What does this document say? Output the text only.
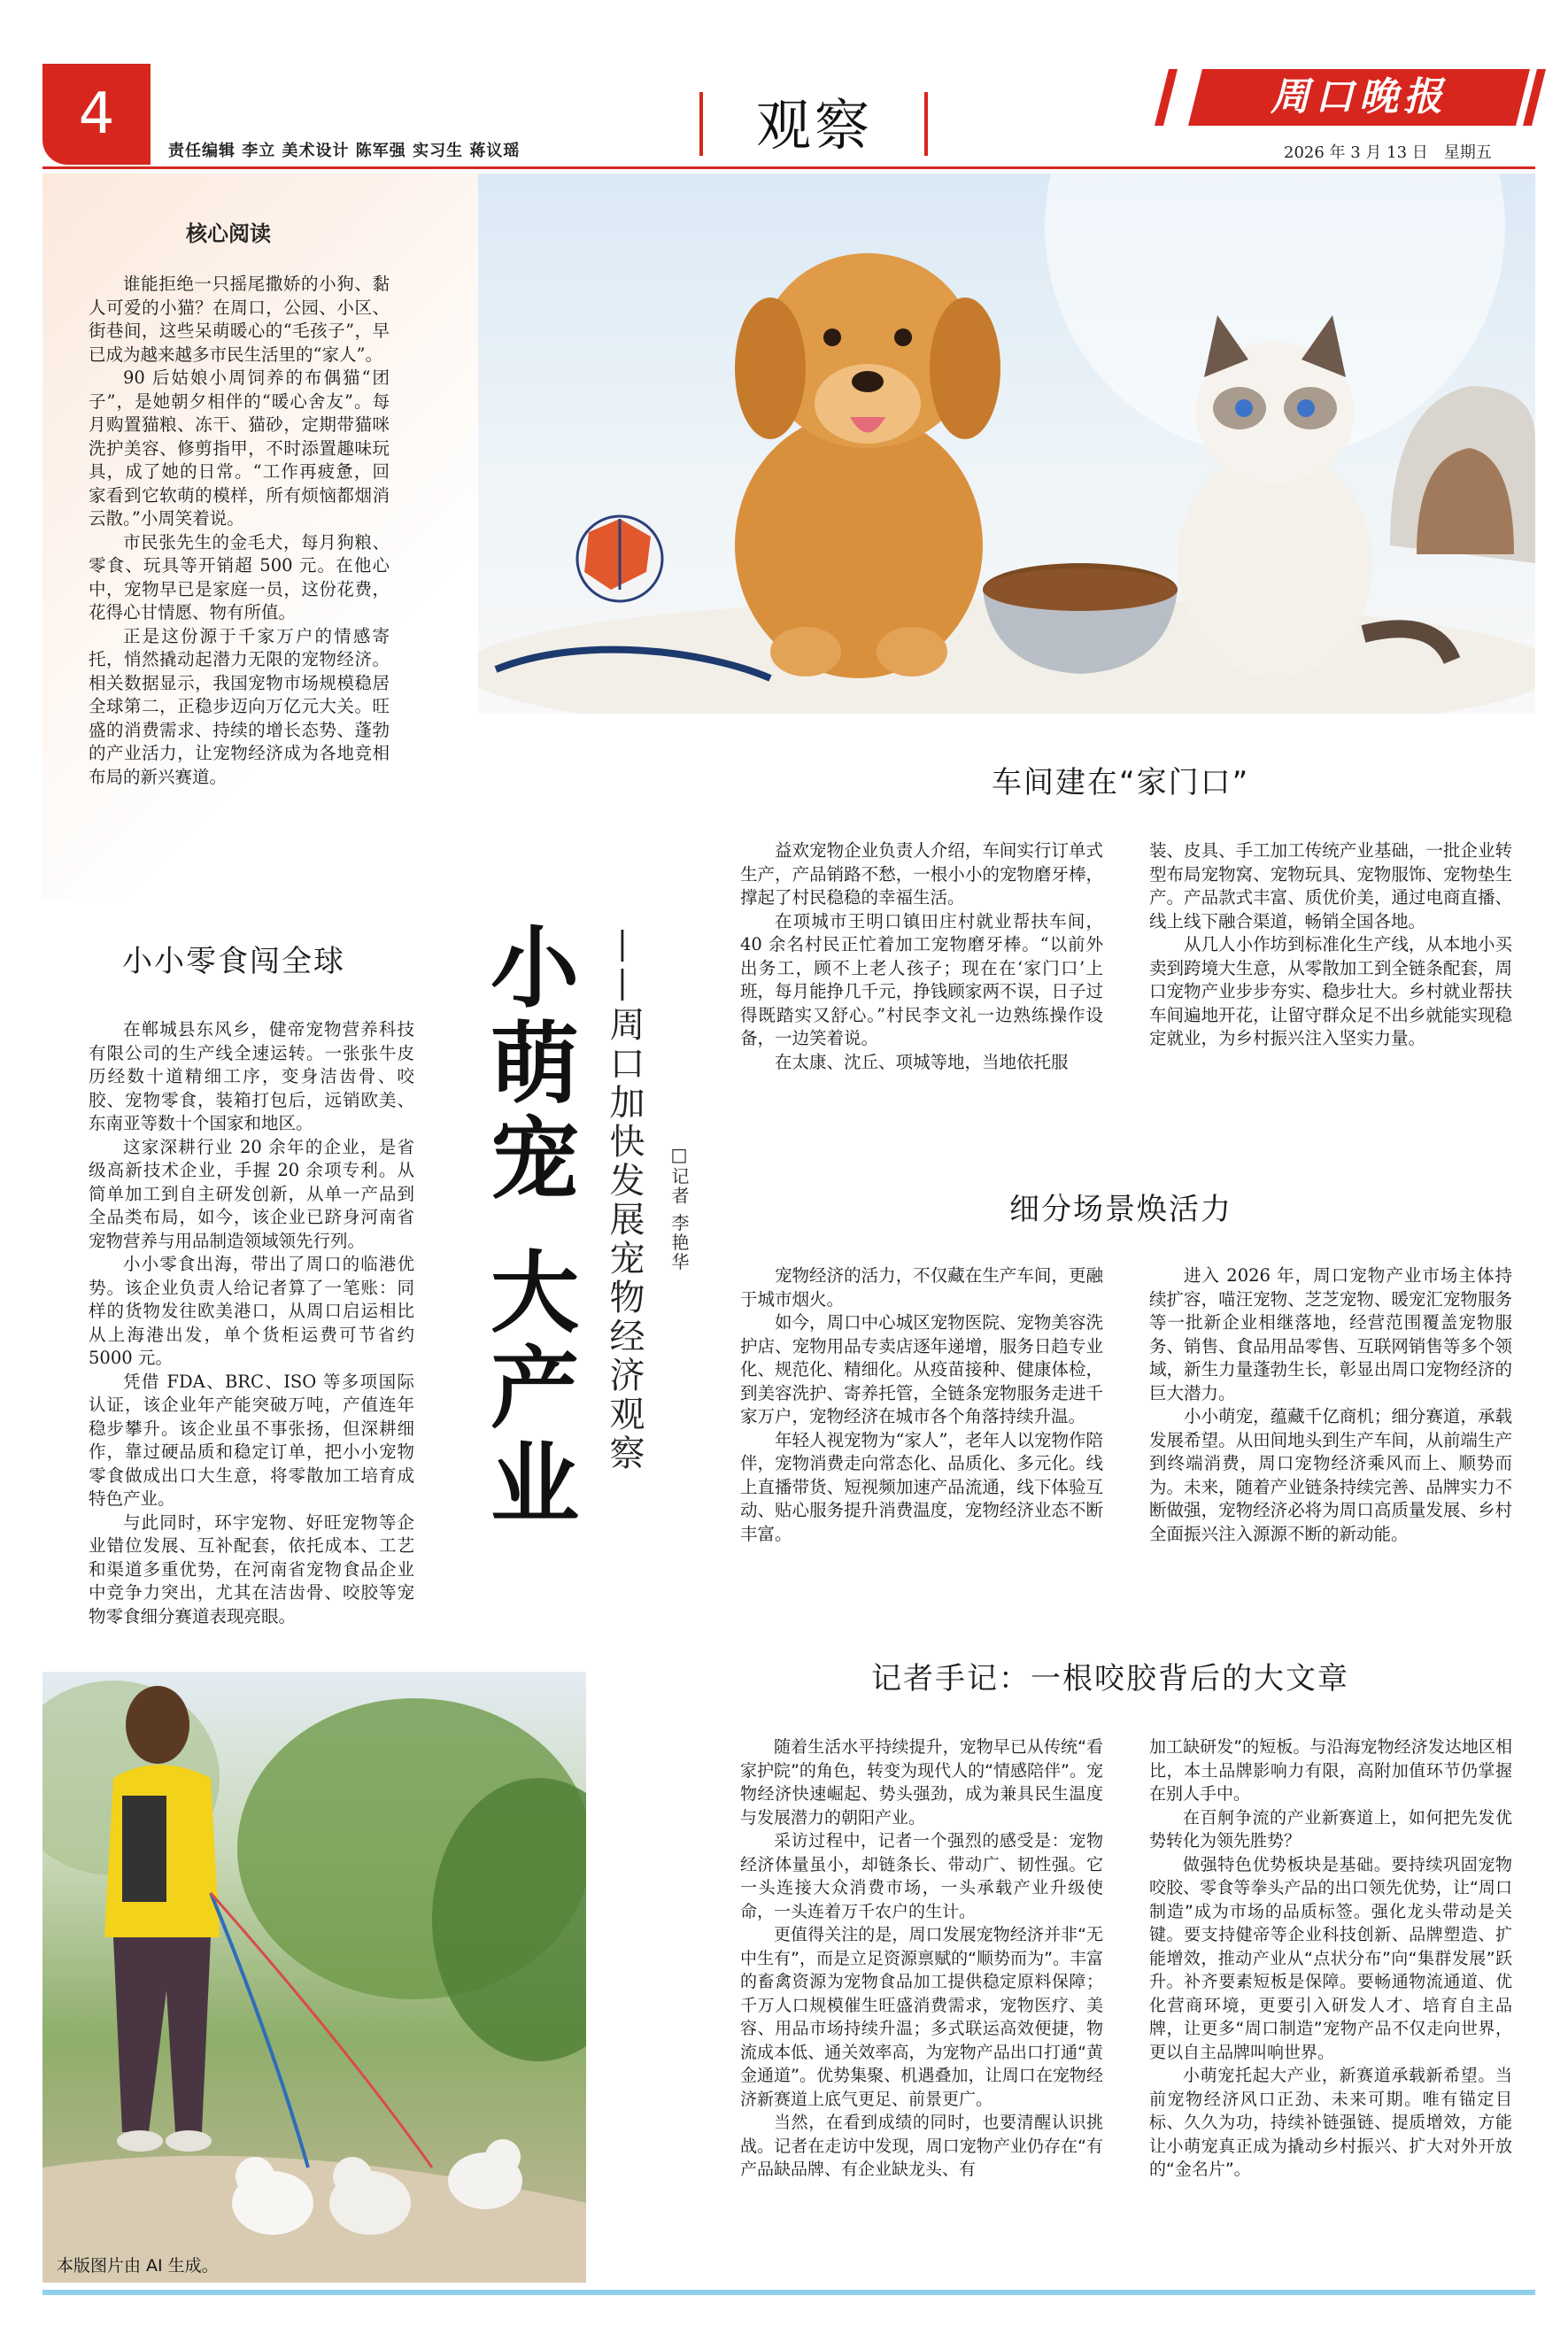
4
责任编辑 李立 美术设计 陈军强 实习生 蒋议瑶	观察	周口晚报
2026 年 3 月 13 日　星期五
核心阅读

谁能拒绝一只摇尾撒娇的小狗、黏人可爱的小猫？在周口，公园、小区、街巷间，这些呆萌暖心的“毛孩子”，早已成为越来越多市民生活里的“家人”。

90 后姑娘小周饲养的布偶猫“团子”，是她朝夕相伴的“暖心舍友”。每月购置猫粮、冻干、猫砂，定期带猫咪洗护美容、修剪指甲，不时添置趣味玩具，成了她的日常。“工作再疲惫，回家看到它软萌的模样，所有烦恼都烟消云散。”小周笑着说。

市民张先生的金毛犬，每月狗粮、零食、玩具等开销超 500 元。在他心中，宠物早已是家庭一员，这份花费，花得心甘情愿、物有所值。

正是这份源于千家万户的情感寄托，悄然撬动起潜力无限的宠物经济。相关数据显示，我国宠物市场规模稳居全球第二，正稳步迈向万亿元大关。旺盛的消费需求、持续的增长态势、蓬勃的产业活力，让宠物经济成为各地竞相布局的新兴赛道。

小小零食闯全球

在郸城县东风乡，健帝宠物营养科技有限公司的生产线全速运转。一张张牛皮历经数十道精细工序，变身洁齿骨、咬胶、宠物零食，装箱打包后，远销欧美、东南亚等数十个国家和地区。

这家深耕行业 20 余年的企业，是省级高新技术企业，手握 20 余项专利。从简单加工到自主研发创新，从单一产品到全品类布局，如今，该企业已跻身河南省宠物营养与用品制造领域领先行列。

小小零食出海，带出了周口的临港优势。该企业负责人给记者算了一笔账：同样的货物发往欧美港口，从周口启运相比从上海港出发，单个货柜运费可节省约 5000 元。

凭借 FDA、BRC、ISO 等多项国际认证，该企业年产能突破万吨，产值连年稳步攀升。该企业虽不事张扬，但深耕细作，靠过硬品质和稳定订单，把小小宠物零食做成出口大生意，将零散加工培育成特色产业。

与此同时，环宇宠物、好旺宠物等企业错位发展、互补配套，依托成本、工艺和渠道多重优势，在河南省宠物食品企业中竞争力突出，尤其在洁齿骨、咬胶等宠物零食细分赛道表现亮眼。

小萌宠 大产业 ——周口加快发展宠物经济观察 □记者 李艳华
车间建在“家门口”

益欢宠物企业负责人介绍，车间实行订单式生产，产品销路不愁，一根小小的宠物磨牙棒，撑起了村民稳稳的幸福生活。

在项城市王明口镇田庄村就业帮扶车间，40 余名村民正忙着加工宠物磨牙棒。“以前外出务工，顾不上老人孩子；现在在‘家门口’上班，每月能挣几千元，挣钱顾家两不误，日子过得既踏实又舒心。”村民李文礼一边熟练操作设备，一边笑着说。

在太康、沈丘、项城等地，当地依托服

装、皮具、手工加工传统产业基础，一批企业转型布局宠物窝、宠物玩具、宠物服饰、宠物垫生产。产品款式丰富、质优价美，通过电商直播、线上线下融合渠道，畅销全国各地。

从几人小作坊到标准化生产线，从本地小买卖到跨境大生意，从零散加工到全链条配套，周口宠物产业步步夯实、稳步壮大。乡村就业帮扶车间遍地开花，让留守群众足不出乡就能实现稳定就业，为乡村振兴注入坚实力量。

细分场景焕活力

宠物经济的活力，不仅藏在生产车间，更融于城市烟火。

如今，周口中心城区宠物医院、宠物美容洗护店、宠物用品专卖店逐年递增，服务日趋专业化、规范化、精细化。从疫苗接种、健康体检，到美容洗护、寄养托管，全链条宠物服务走进千家万户，宠物经济在城市各个角落持续升温。

年轻人视宠物为“家人”，老年人以宠物作陪伴，宠物消费走向常态化、品质化、多元化。线上直播带货、短视频加速产品流通，线下体验互动、贴心服务提升消费温度，宠物经济业态不断丰富。

进入 2026 年，周口宠物产业市场主体持续扩容，喵汪宠物、芝芝宠物、暖宠汇宠物服务等一批新企业相继落地，经营范围覆盖宠物服务、销售、食品用品零售、互联网销售等多个领域，新生力量蓬勃生长，彰显出周口宠物经济的巨大潜力。

小小萌宠，蕴藏千亿商机；细分赛道，承载发展希望。从田间地头到生产车间，从前端生产到终端消费，周口宠物经济乘风而上、顺势而为。未来，随着产业链条持续完善、品牌实力不断做强，宠物经济必将为周口高质量发展、乡村全面振兴注入源源不断的新动能。

记者手记：一根咬胶背后的大文章

随着生活水平持续提升，宠物早已从传统“看家护院”的角色，转变为现代人的“情感陪伴”。宠物经济快速崛起、势头强劲，成为兼具民生温度与发展潜力的朝阳产业。

采访过程中，记者一个强烈的感受是：宠物经济体量虽小，却链条长、带动广、韧性强。它一头连接大众消费市场，一头承载产业升级使命，一头连着万千农户的生计。

更值得关注的是，周口发展宠物经济并非“无中生有”，而是立足资源禀赋的“顺势而为”。丰富的畜禽资源为宠物食品加工提供稳定原料保障；千万人口规模催生旺盛消费需求，宠物医疗、美容、用品市场持续升温；多式联运高效便捷，物流成本低、通关效率高，为宠物产品出口打通“黄金通道”。优势集聚、机遇叠加，让周口在宠物经济新赛道上底气更足、前景更广。

当然，在看到成绩的同时，也要清醒认识挑战。记者在走访中发现，周口宠物产业仍存在“有产品缺品牌、有企业缺龙头、有

加工缺研发”的短板。与沿海宠物经济发达地区相比，本土品牌影响力有限，高附加值环节仍掌握在别人手中。

在百舸争流的产业新赛道上，如何把先发优势转化为领先胜势？

做强特色优势板块是基础。要持续巩固宠物咬胶、零食等拳头产品的出口领先优势，让“周口制造”成为市场的品质标签。强化龙头带动是关键。要支持健帝等企业科技创新、品牌塑造、扩能增效，推动产业从“点状分布”向“集群发展”跃升。补齐要素短板是保障。要畅通物流通道、优化营商环境，更要引入研发人才、培育自主品牌，让更多“周口制造”宠物产品不仅走向世界，更以自主品牌叫响世界。

小萌宠托起大产业，新赛道承载新希望。当前宠物经济风口正劲、未来可期。唯有锚定目标、久久为功，持续补链强链、提质增效，方能让小萌宠真正成为撬动乡村振兴、扩大对外开放的“金名片”。

本版图片由 AI 生成。
